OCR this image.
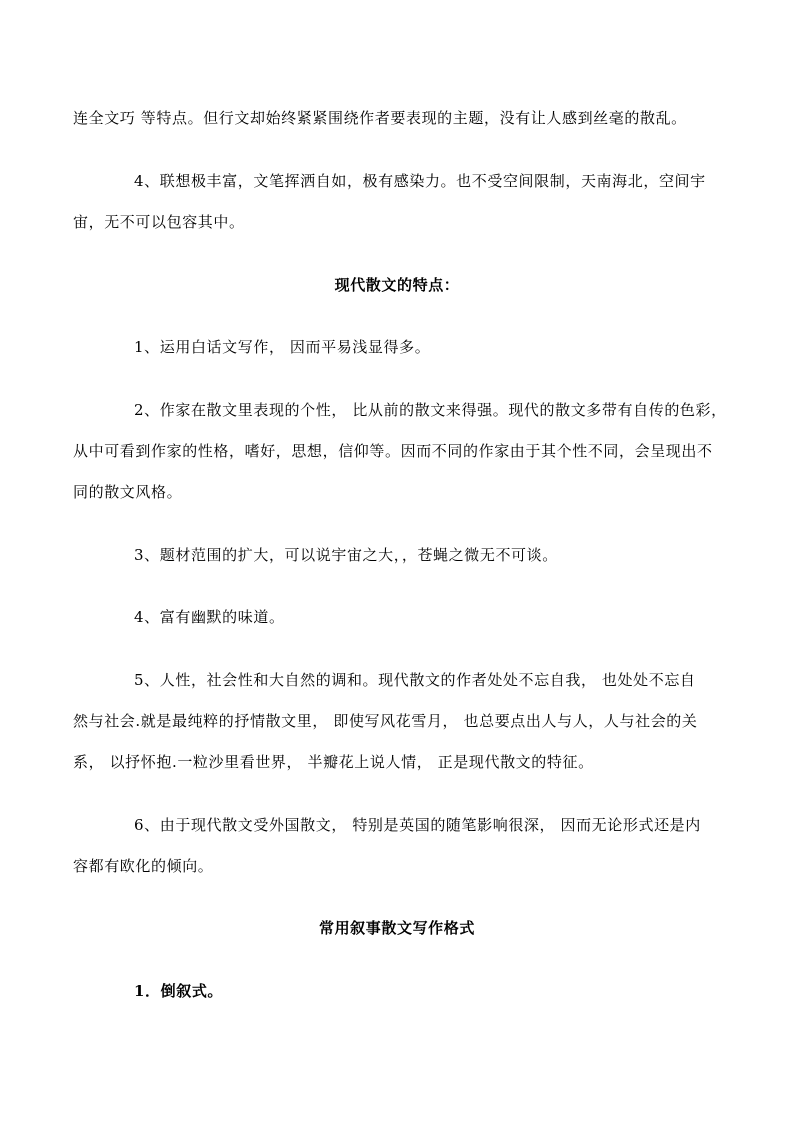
连全文巧 等特点。但行文却始终紧紧围绕作者要表现的主题，没有让人感到丝毫的散乱。
4、联想极丰富，文笔挥洒自如，极有感染力。也不受空间限制，天南海北，空间宇
宙，无不可以包容其中。
现代散文的特点：
1、运用白话文写作， 因而平易浅显得多。
2、作家在散文里表现的个性， 比从前的散文来得强。现代的散文多带有自传的色彩，
从中可看到作家的性格，嗜好，思想，信仰等。因而不同的作家由于其个性不同，会呈现出不
同的散文风格。
3、题材范围的扩大，可以说宇宙之大，，苍蝇之微无不可谈。
4、富有幽默的味道。
5、人性，社会性和大自然的调和。现代散文的作者处处不忘自我， 也处处不忘自
然与社会.就是最纯粹的抒情散文里， 即使写风花雪月， 也总要点出人与人，人与社会的关
系， 以抒怀抱.一粒沙里看世界， 半瓣花上说人情， 正是现代散文的特征。
6、由于现代散文受外国散文， 特别是英国的随笔影响很深， 因而无论形式还是内
容都有欧化的倾向。
常用叙事散文写作格式
1．倒叙式。
